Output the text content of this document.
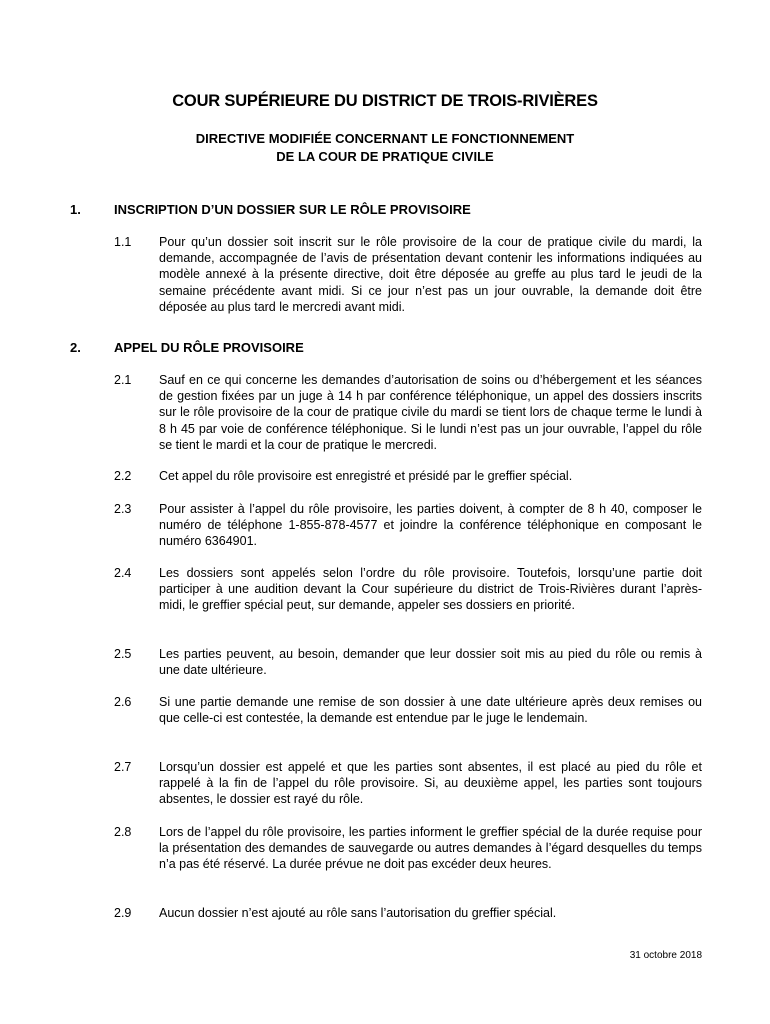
COUR SUPÉRIEURE DU DISTRICT DE TROIS-RIVIÈRES
DIRECTIVE MODIFIÉE CONCERNANT LE FONCTIONNEMENT
DE LA COUR DE PRATIQUE CIVILE
1.	INSCRIPTION D’UN DOSSIER SUR LE RÔLE PROVISOIRE
1.1 Pour qu’un dossier soit inscrit sur le rôle provisoire de la cour de pratique civile du mardi, la demande, accompagnée de l’avis de présentation devant contenir les informations indiquées au modèle annexé à la présente directive, doit être déposée au greffe au plus tard le jeudi de la semaine précédente avant midi. Si ce jour n’est pas un jour ouvrable, la demande doit être déposée au plus tard le mercredi avant midi.
2.	APPEL DU RÔLE PROVISOIRE
2.1 Sauf en ce qui concerne les demandes d’autorisation de soins ou d’hébergement et les séances de gestion fixées par un juge à 14 h par conférence téléphonique, un appel des dossiers inscrits sur le rôle provisoire de la cour de pratique civile du mardi se tient lors de chaque terme le lundi à 8 h 45 par voie de conférence téléphonique. Si le lundi n’est pas un jour ouvrable, l’appel du rôle se tient le mardi et la cour de pratique le mercredi.
2.2 Cet appel du rôle provisoire est enregistré et présidé par le greffier spécial.
2.3 Pour assister à l’appel du rôle provisoire, les parties doivent, à compter de 8 h 40, composer le numéro de téléphone 1-855-878-4577 et joindre la conférence téléphonique en composant le numéro 6364901.
2.4 Les dossiers sont appelés selon l’ordre du rôle provisoire. Toutefois, lorsqu’une partie doit participer à une audition devant la Cour supérieure du district de Trois-Rivières durant l’après-midi, le greffier spécial peut, sur demande, appeler ses dossiers en priorité.
2.5 Les parties peuvent, au besoin, demander que leur dossier soit mis au pied du rôle ou remis à une date ultérieure.
2.6 Si une partie demande une remise de son dossier à une date ultérieure après deux remises ou que celle-ci est contestée, la demande est entendue par le juge le lendemain.
2.7 Lorsqu’un dossier est appelé et que les parties sont absentes, il est placé au pied du rôle et rappelé à la fin de l’appel du rôle provisoire. Si, au deuxième appel, les parties sont toujours absentes, le dossier est rayé du rôle.
2.8 Lors de l’appel du rôle provisoire, les parties informent le greffier spécial de la durée requise pour la présentation des demandes de sauvegarde ou autres demandes à l’égard desquelles du temps n’a pas été réservé. La durée prévue ne doit pas excéder deux heures.
2.9 Aucun dossier n’est ajouté au rôle sans l’autorisation du greffier spécial.
31 octobre 2018
